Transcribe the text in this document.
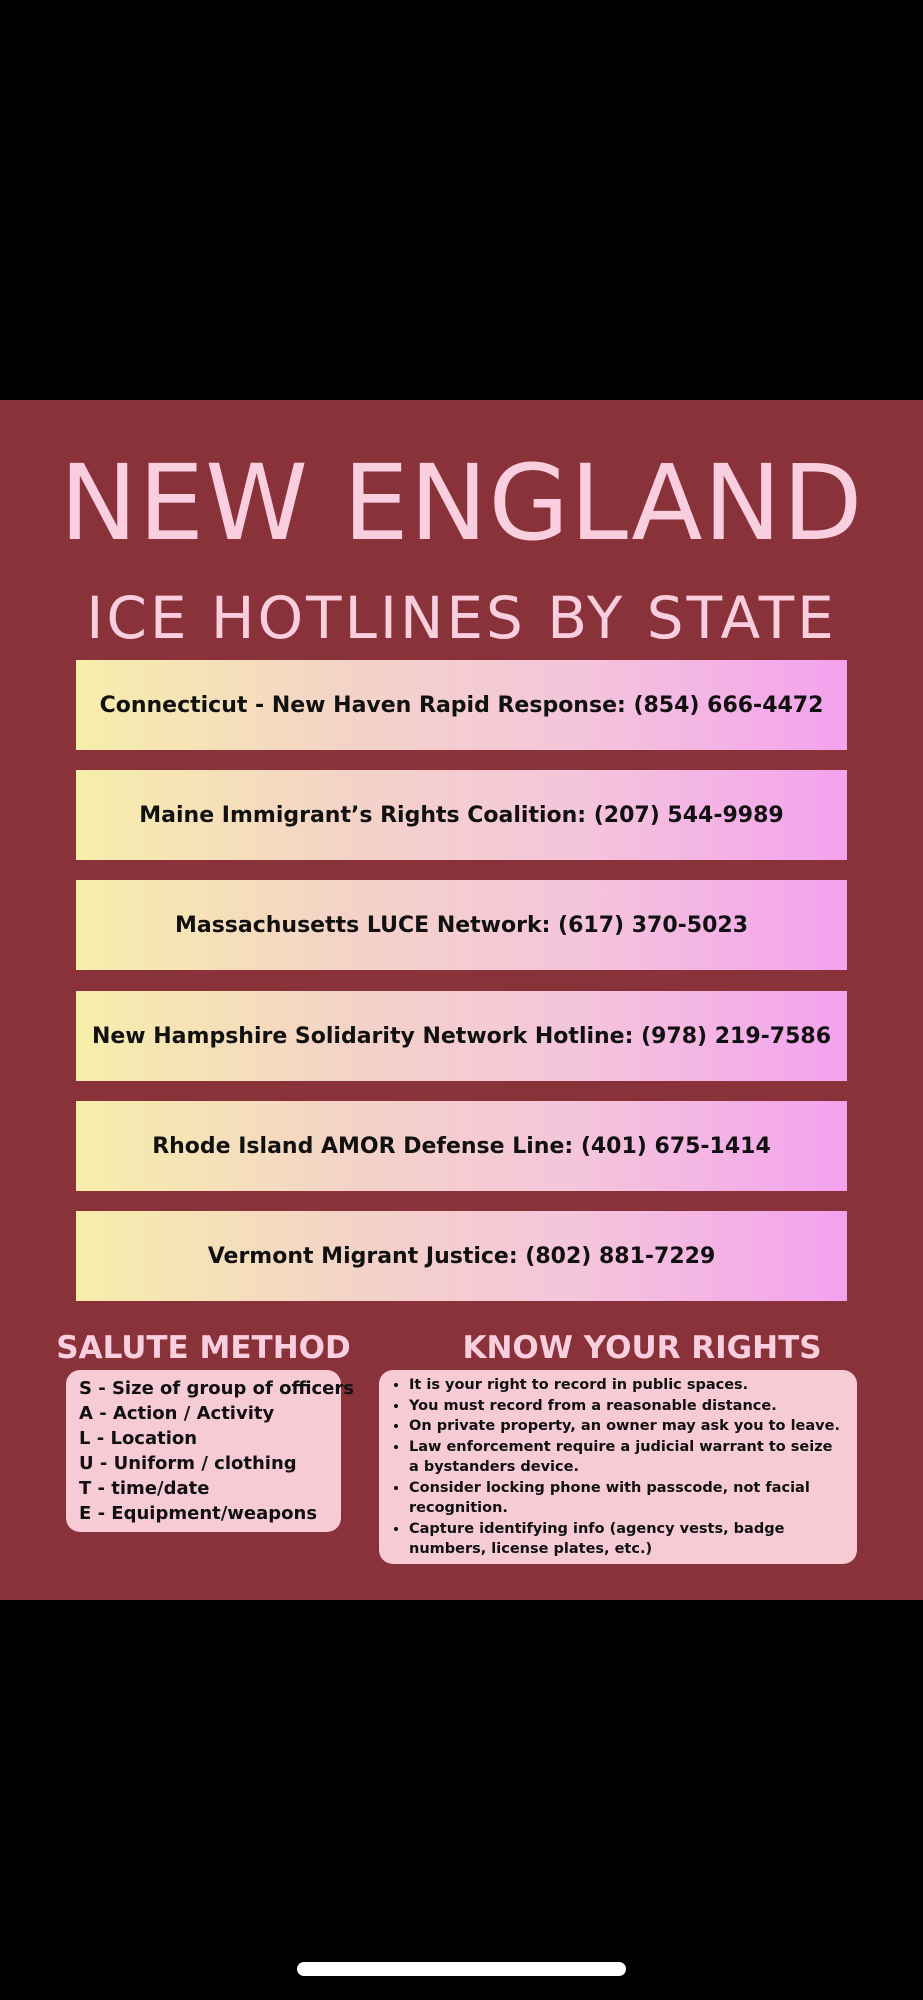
NEW ENGLAND
ICE HOTLINES BY STATE
Connecticut - New Haven Rapid Response: (854) 666-4472
Maine Immigrant’s Rights Coalition: (207) 544-9989
Massachusetts LUCE Network: (617) 370-5023
New Hampshire Solidarity Network Hotline: (978) 219-7586
Rhode Island AMOR Defense Line: (401) 675-1414
Vermont Migrant Justice: (802) 881-7229
SALUTE METHOD	KNOW YOUR RIGHTS
S - Size of group of officers
A - Action / Activity
L - Location
U - Uniform / clothing
T - time/date
E - Equipment/weapons
• It is your right to record in public spaces.
• You must record from a reasonable distance.
• On private property, an owner may ask you to leave.
• Law enforcement require a judicial warrant to seize a bystanders device.
• Consider locking phone with passcode, not facial recognition.
• Capture identifying info (agency vests, badge numbers, license plates, etc.)
